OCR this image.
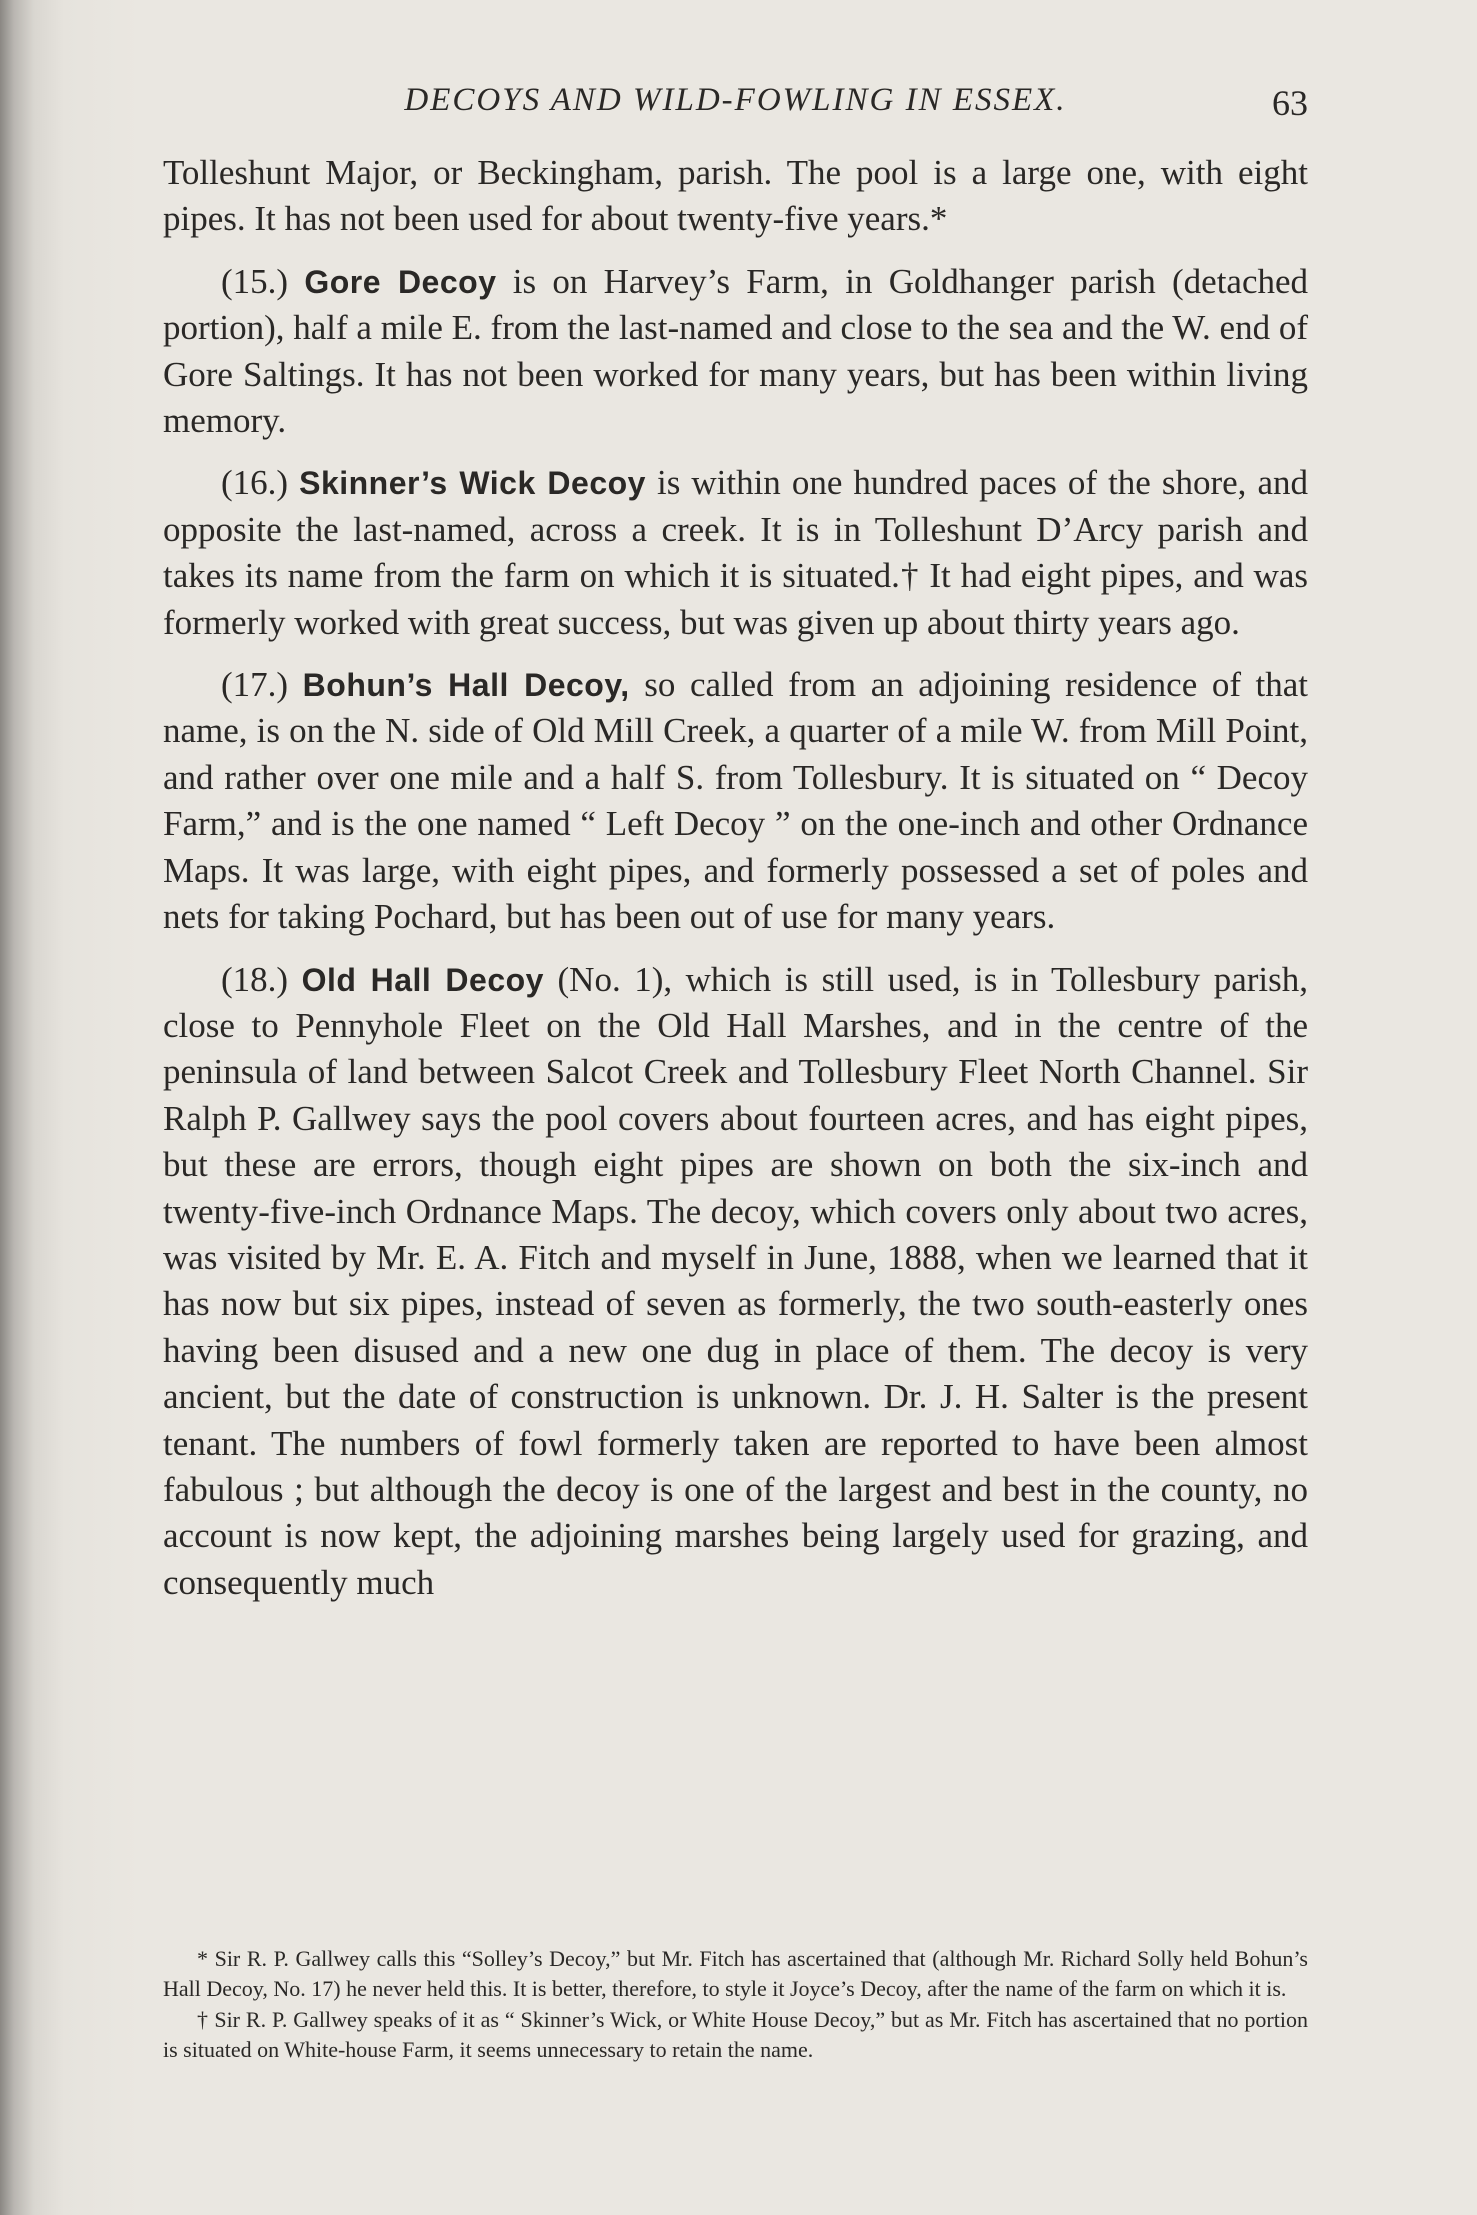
DECOYS AND WILD-FOWLING IN ESSEX.	63

Tolleshunt Major, or Beckingham, parish. The pool is a large one, with eight pipes. It has not been used for about twenty-five years.*

(15.) Gore Decoy is on Harvey’s Farm, in Goldhanger parish (detached portion), half a mile E. from the last-named and close to the sea and the W. end of Gore Saltings. It has not been worked for many years, but has been within living memory.

(16.) Skinner’s Wick Decoy is within one hundred paces of the shore, and opposite the last-named, across a creek. It is in Tolleshunt D’Arcy parish and takes its name from the farm on which it is situated.† It had eight pipes, and was formerly worked with great success, but was given up about thirty years ago.

(17.) Bohun’s Hall Decoy, so called from an adjoining residence of that name, is on the N. side of Old Mill Creek, a quarter of a mile W. from Mill Point, and rather over one mile and a half S. from Tollesbury. It is situated on “ Decoy Farm,” and is the one named “ Left Decoy ” on the one-inch and other Ordnance Maps. It was large, with eight pipes, and formerly possessed a set of poles and nets for taking Pochard, but has been out of use for many years.

(18.) Old Hall Decoy (No. 1), which is still used, is in Tollesbury parish, close to Pennyhole Fleet on the Old Hall Marshes, and in the centre of the peninsula of land between Salcot Creek and Tollesbury Fleet North Channel. Sir Ralph P. Gallwey says the pool covers about fourteen acres, and has eight pipes, but these are errors, though eight pipes are shown on both the six-inch and twenty-five-inch Ordnance Maps. The decoy, which covers only about two acres, was visited by Mr. E. A. Fitch and myself in June, 1888, when we learned that it has now but six pipes, instead of seven as formerly, the two south-easterly ones having been disused and a new one dug in place of them. The decoy is very ancient, but the date of construction is unknown. Dr. J. H. Salter is the present tenant. The numbers of fowl formerly taken are reported to have been almost fabulous ; but although the decoy is one of the largest and best in the county, no account is now kept, the adjoining marshes being largely used for grazing, and consequently much

* Sir R. P. Gallwey calls this “Solley’s Decoy,” but Mr. Fitch has ascertained that (although Mr. Richard Solly held Bohun’s Hall Decoy, No. 17) he never held this. It is better, therefore, to style it Joyce’s Decoy, after the name of the farm on which it is.

† Sir R. P. Gallwey speaks of it as “ Skinner’s Wick, or White House Decoy,” but as Mr. Fitch has ascertained that no portion is situated on White-house Farm, it seems unnecessary to retain the name.
